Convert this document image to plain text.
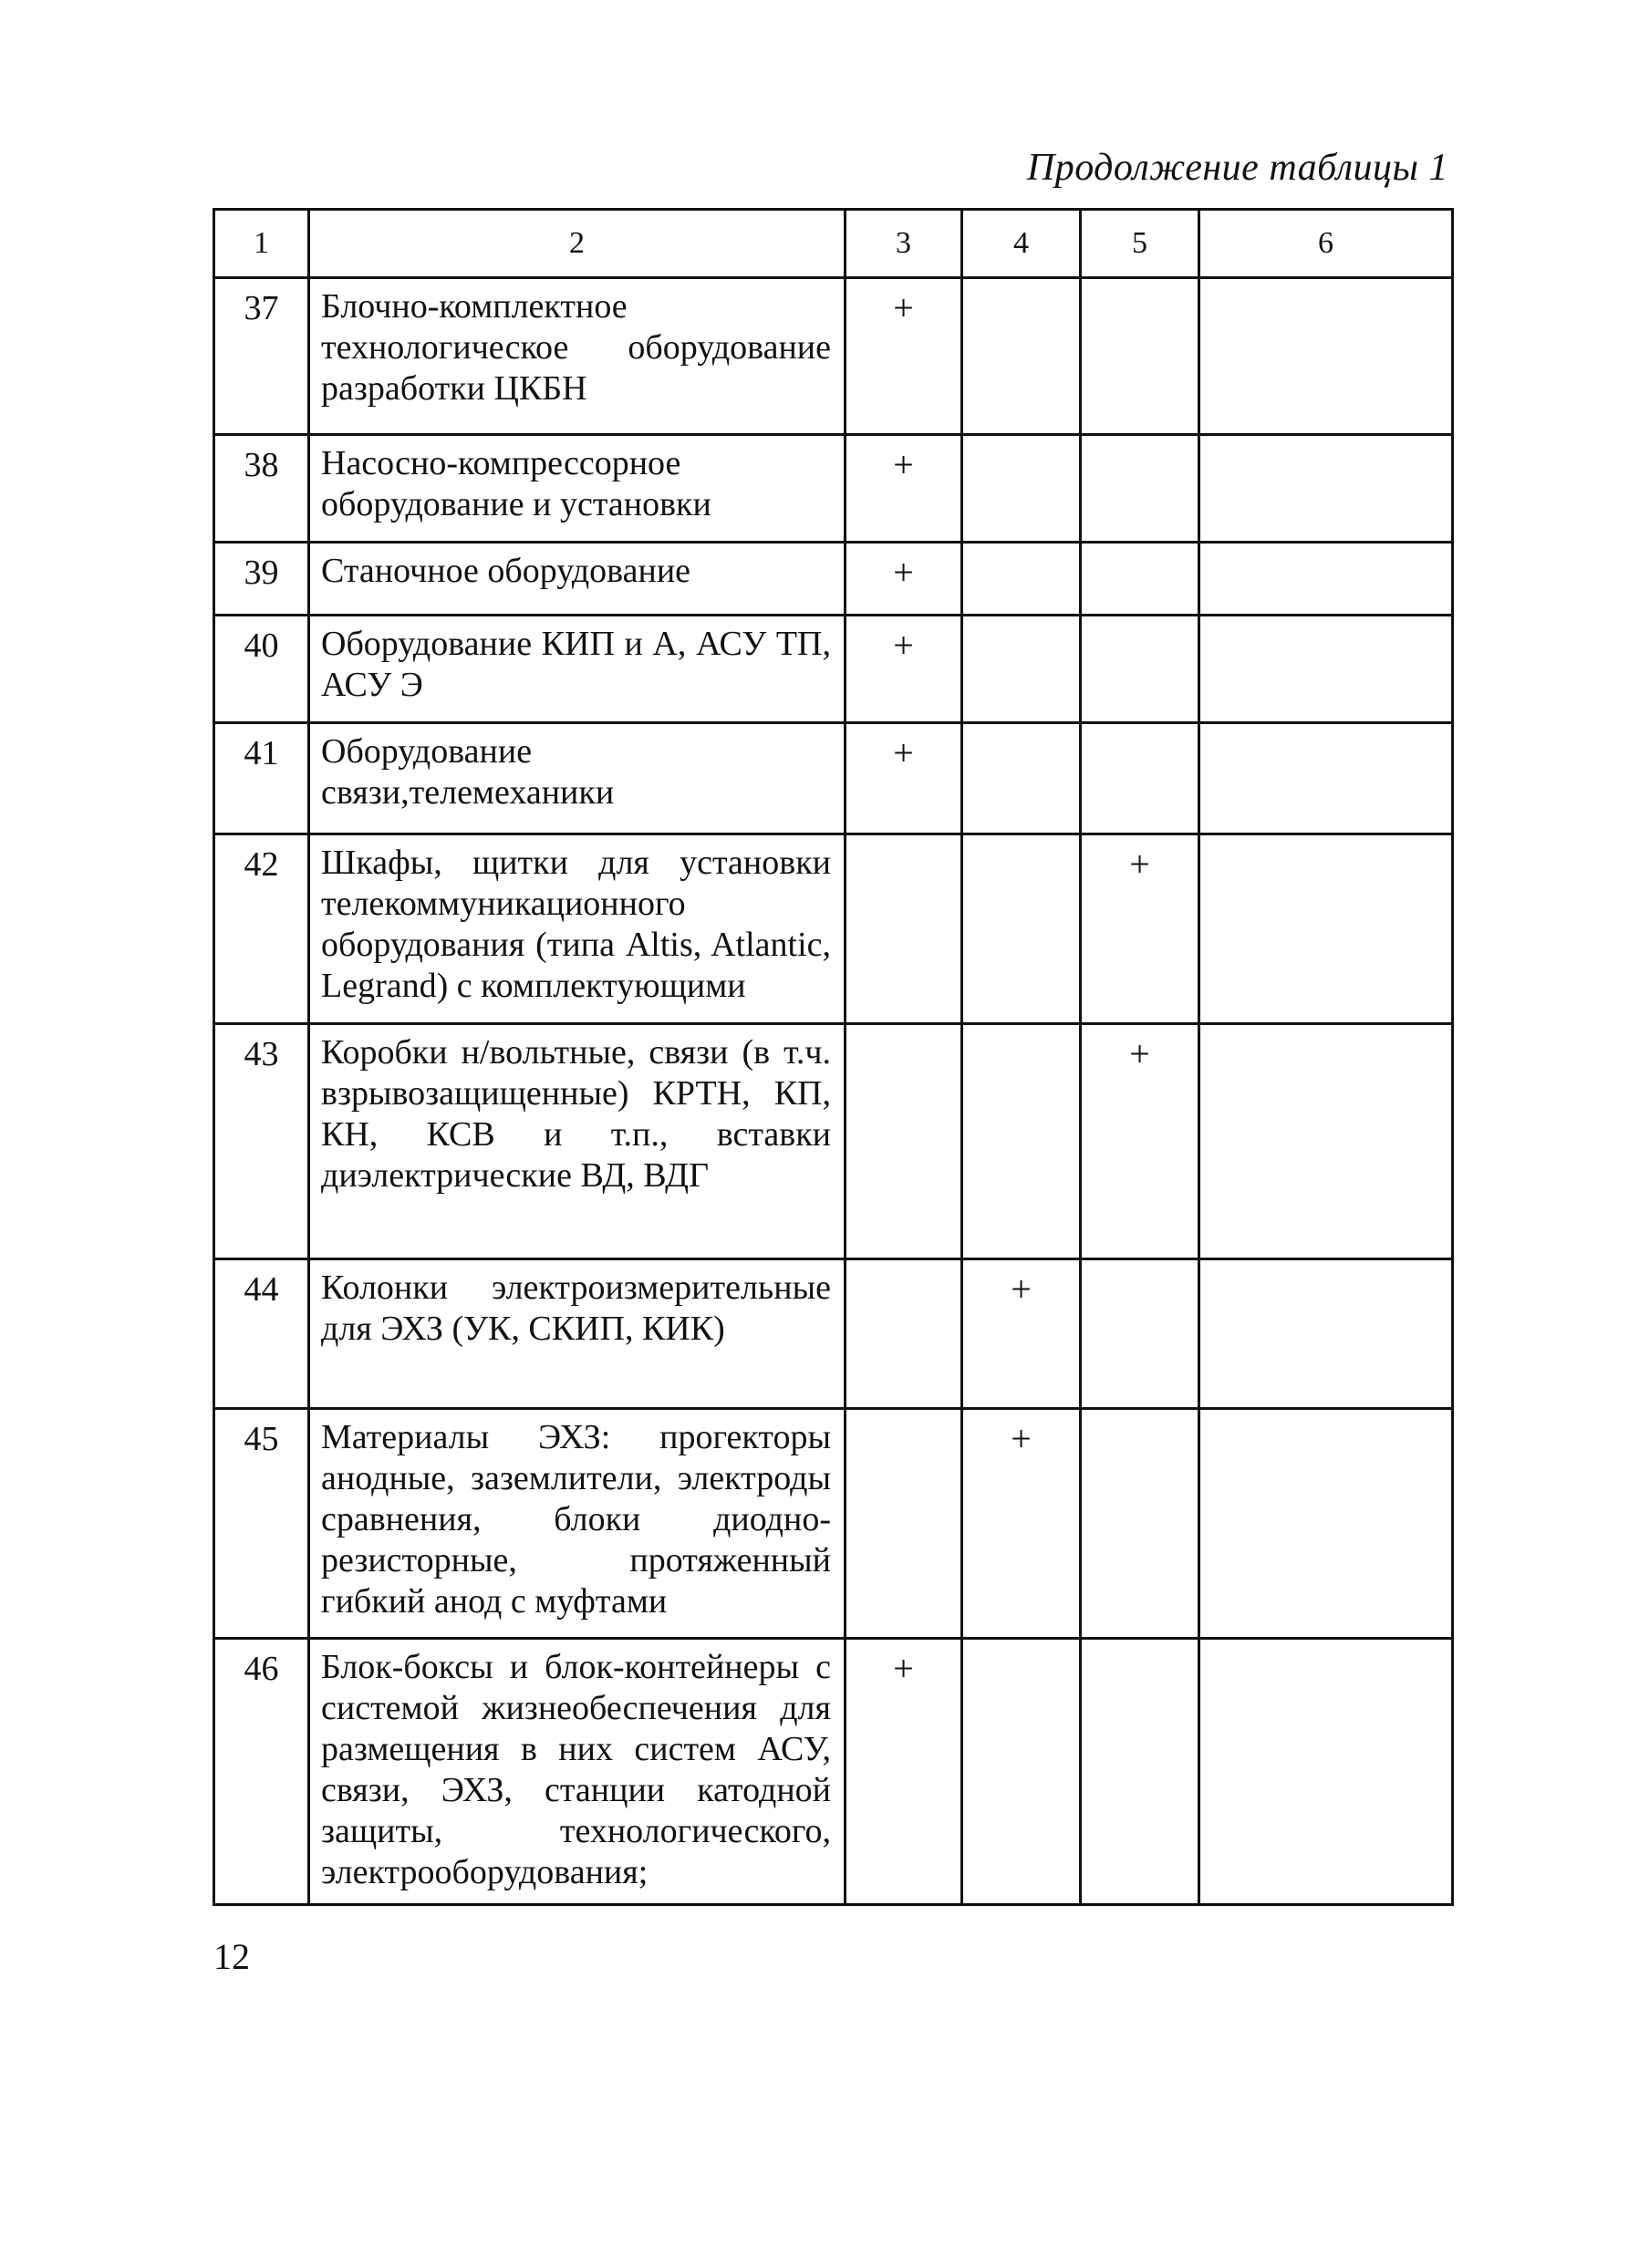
Продолжение таблицы 1
1	2	3	4	5	6
37	Блочно-комплектное технологическое оборудование разработки ЦКБН	+			
38	Насосно-компрессорное оборудование и установки	+			
39	Станочное оборудование	+			
40	Оборудование КИП и А, АСУ ТП, АСУ Э	+			
41	Оборудование связи,телемеханики	+			
42	Шкафы, щитки для установки телекоммуникационного оборудования (типа Altis, Atlantic, Legrand) с комплектующими			+	
43	Коробки н/вольтные, связи (в т.ч. взрывозащищенные) КРТН, КП, КН, КСВ и т.п., вставки диэлектрические ВД, ВДГ			+	
44	Колонки электроизмерительные для ЭХЗ (УК, СКИП, КИК)		+		
45	Материалы ЭХЗ: прогекторы анодные, заземлители, электроды сравнения, блоки диодно-резисторные, протяженный гибкий анод с муфтами		+		
46	Блок-боксы и блок-контейнеры с системой жизнеобеспечения для размещения в них систем АСУ, связи, ЭХЗ, станции катодной защиты, технологического, электрооборудования;	+			
12
